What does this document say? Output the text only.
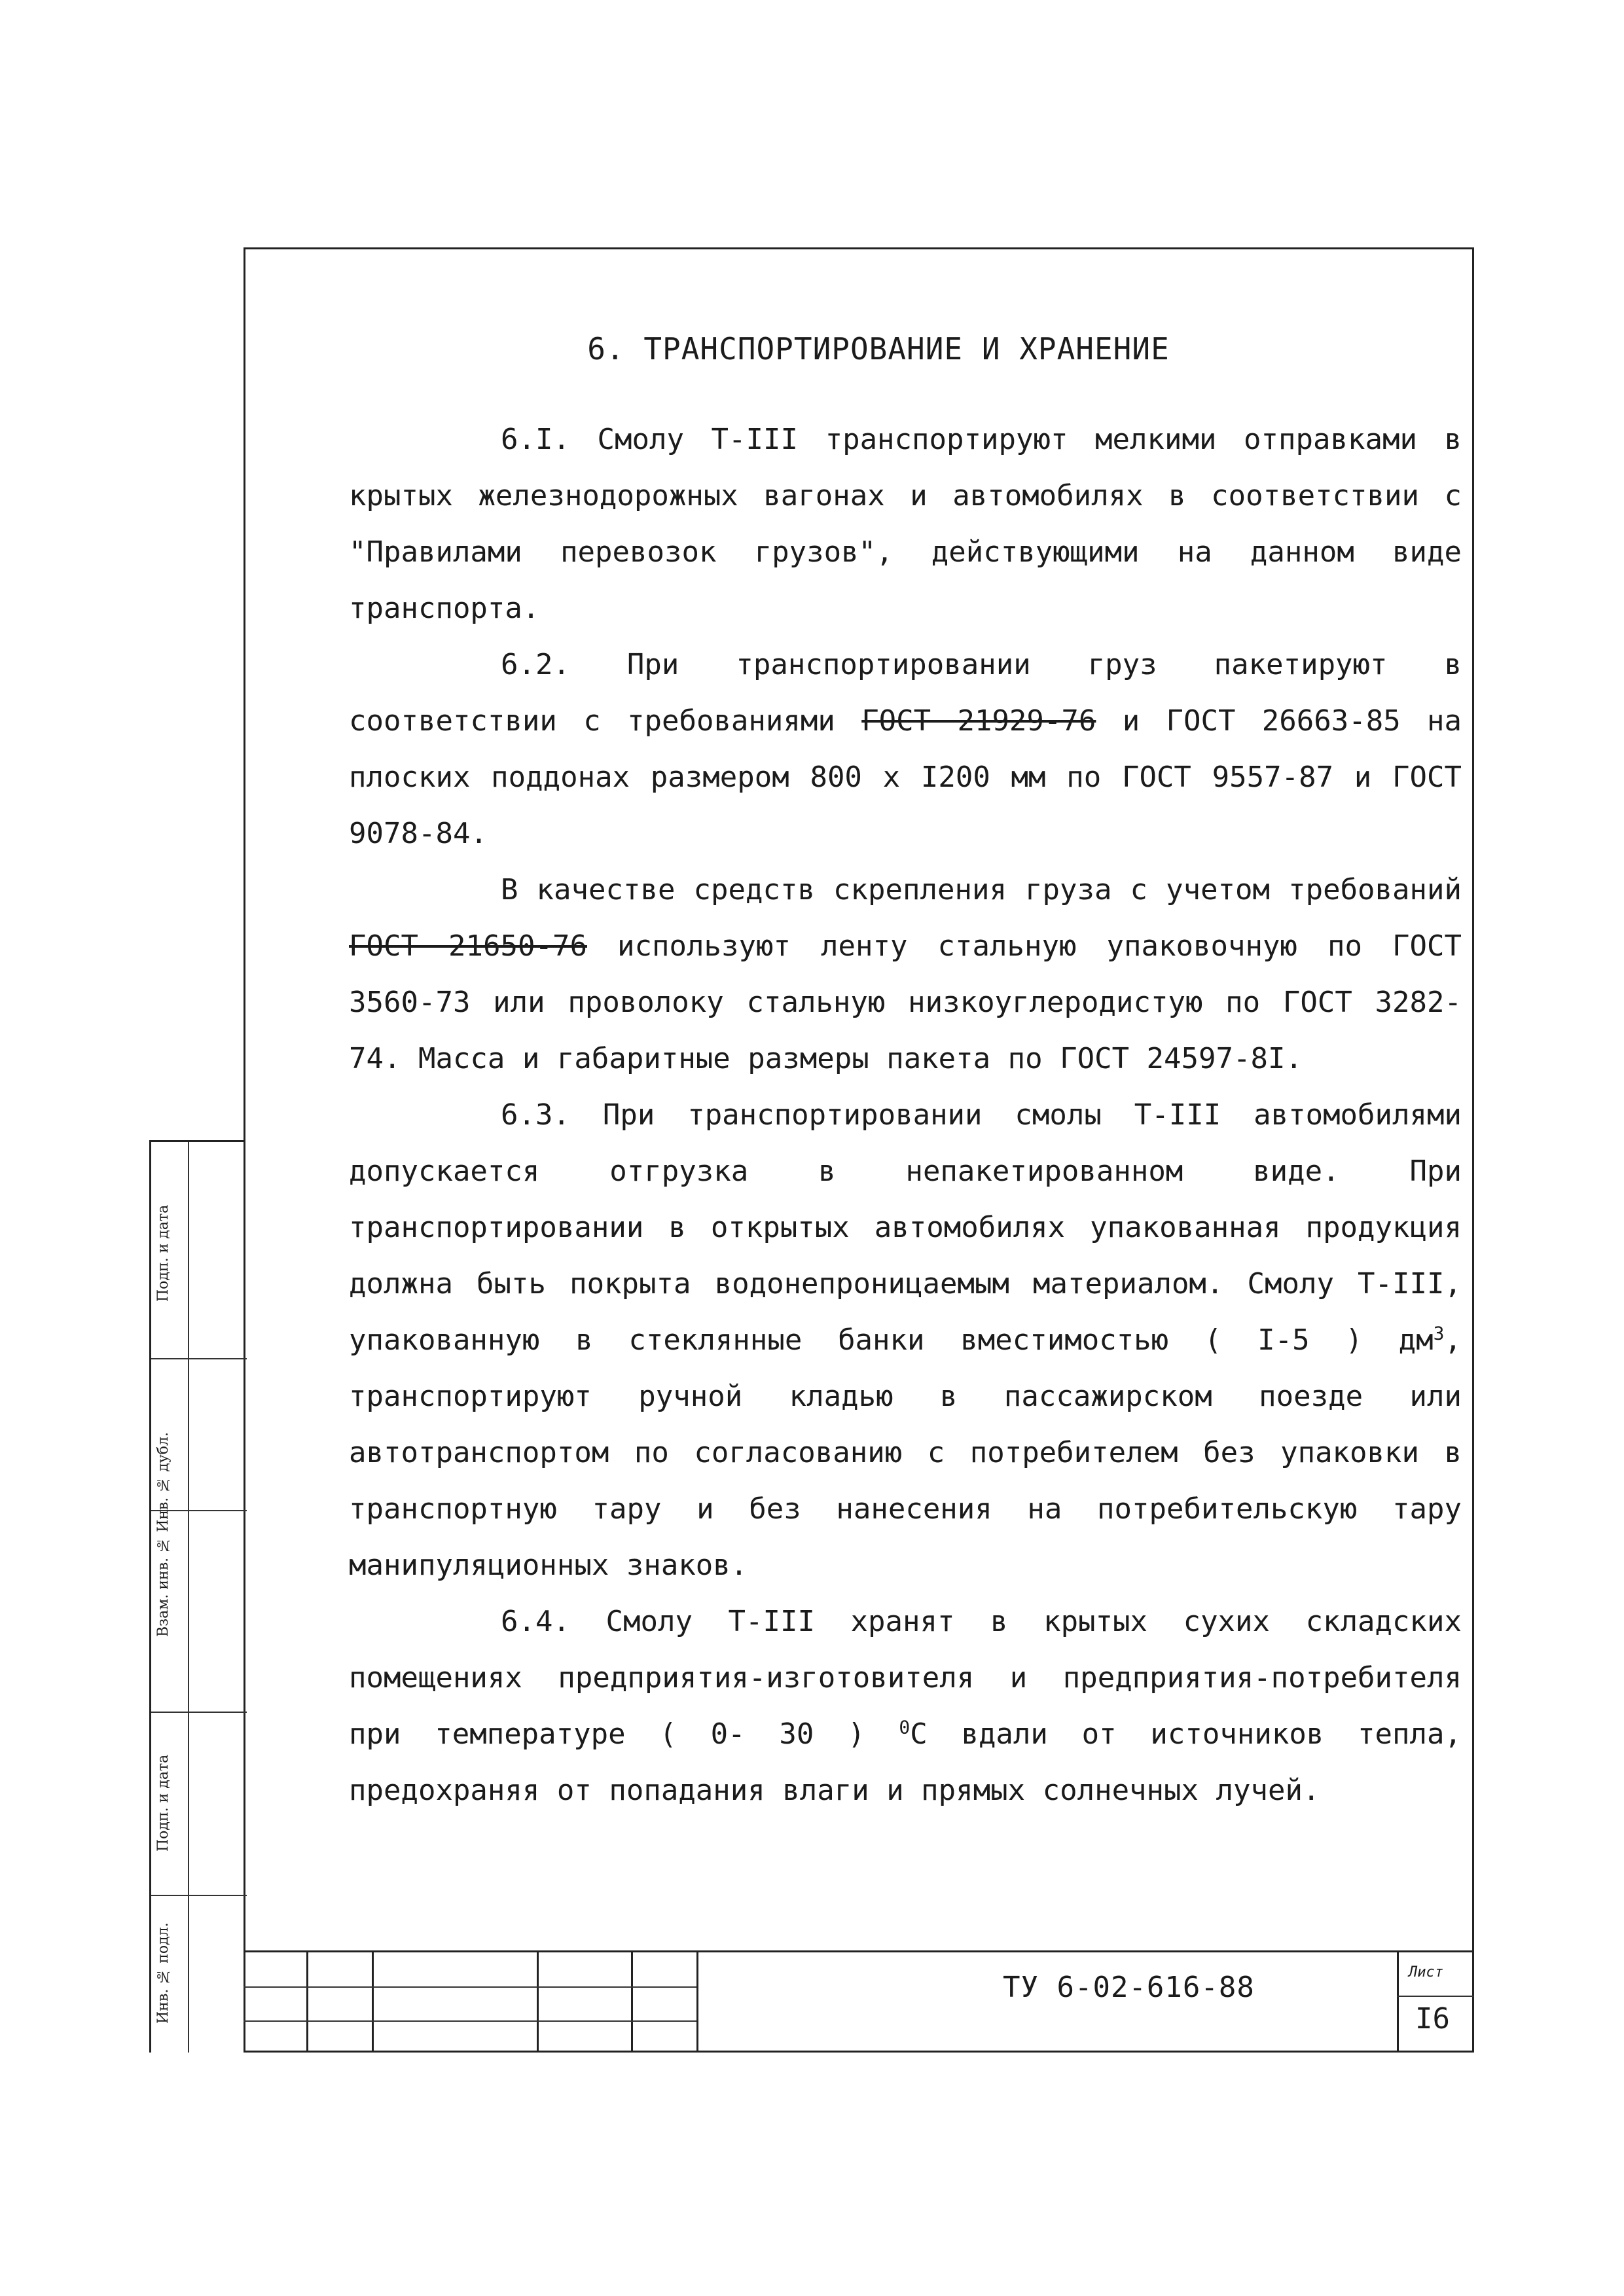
6. ТРАНСПОРТИРОВАНИЕ И ХРАНЕНИЕ

6.I. Смолу Т-III транспортируют мелкими отправками в крытых железнодорожных вагонах и автомобилях в соответствии с "Правилами перевозок грузов", действующими на данном виде транспорта.

6.2. При транспортировании груз пакетируют в соответствии с требованиями ГОСТ 21929-76 и ГОСТ 26663-85 на плоских поддонах размером 800 х I200 мм по ГОСТ 9557-87 и ГОСТ 9078-84.

В качестве средств скрепления груза с учетом требований ГОСТ 21650-76 используют ленту стальную упаковочную по ГОСТ 3560-73 или проволоку стальную низкоуглеродистую по ГОСТ 3282-74. Масса и габаритные размеры пакета по ГОСТ 24597-8I.

6.3. При транспортировании смолы Т-III автомобилями допускается отгрузка в непакетированном виде. При транспортировании в открытых автомобилях упакованная продукция должна быть покрыта водонепроницаемым материалом. Смолу Т-III, упакованную в стеклянные банки вместимостью ( I-5 ) $дм^3$, транспортируют ручной кладью в пассажирском поезде или автотранспортом по согласованию с потребителем без упаковки в транспортную тару и без нанесения на потребительскую тару манипуляционных знаков.

6.4. Смолу Т-III хранят в крытых сухих складских помещениях предприятия-изготовителя и предприятия-потребителя при температуре ( 0- 30 ) $^0$С вдали от источников тепла, предохраняя от попадания влаги и прямых солнечных лучей.

ТУ 6-02-616-88	Лист
I6
Подп. и дата
Взам. инв. № Инв. № дубл.
Подп. и дата
Инв. № подл.
